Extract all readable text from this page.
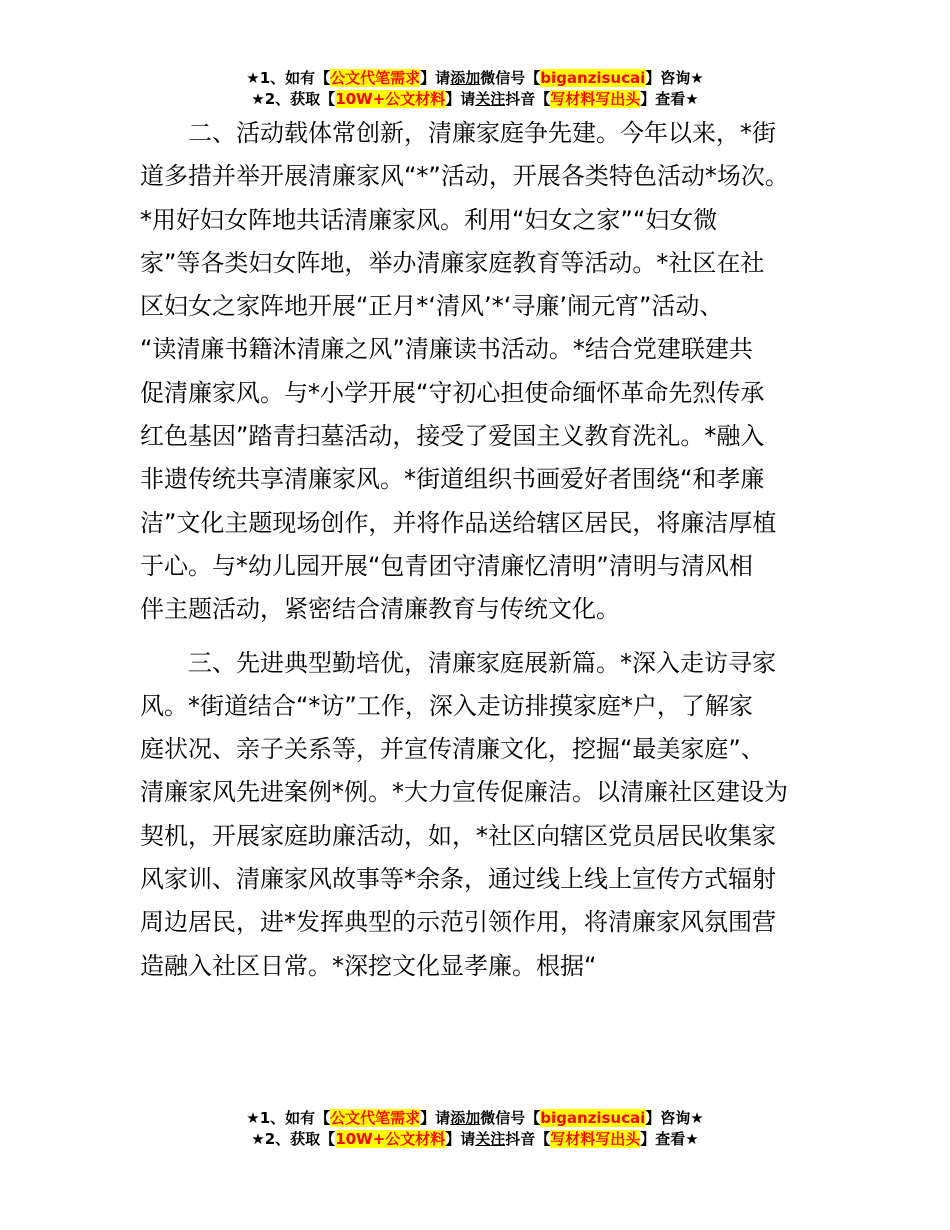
★1、如有【公文代笔需求】请添加微信号【biganzisucai】咨询★
★2、获取【10W+公文材料】请关注抖音【写材料写出头】查看★
　　二、活动载体常创新，清廉家庭争先建。今年以来，*街
道多措并举开展清廉家风“*”活动，开展各类特色活动*场次。
*用好妇女阵地共话清廉家风。利用“妇女之家”“妇女微
家”等各类妇女阵地，举办清廉家庭教育等活动。*社区在社
区妇女之家阵地开展“正月*‘清风’*‘寻廉’闹元宵”活动、
“读清廉书籍沐清廉之风”清廉读书活动。*结合党建联建共
促清廉家风。与*小学开展“守初心担使命缅怀革命先烈传承
红色基因”踏青扫墓活动，接受了爱国主义教育洗礼。*融入
非遗传统共享清廉家风。*街道组织书画爱好者围绕“和孝廉
洁”文化主题现场创作，并将作品送给辖区居民，将廉洁厚植
于心。与*幼儿园开展“包青团守清廉忆清明”清明与清风相
伴主题活动，紧密结合清廉教育与传统文化。
　　三、先进典型勤培优，清廉家庭展新篇。*深入走访寻家
风。*街道结合“*访”工作，深入走访排摸家庭*户，了解家
庭状况、亲子关系等，并宣传清廉文化，挖掘“最美家庭”、
清廉家风先进案例*例。*大力宣传促廉洁。以清廉社区建设为
契机，开展家庭助廉活动，如，*社区向辖区党员居民收集家
风家训、清廉家风故事等*余条，通过线上线上宣传方式辐射
周边居民，进*发挥典型的示范引领作用，将清廉家风氛围营
造融入社区日常。*深挖文化显孝廉。根据“
★1、如有【公文代笔需求】请添加微信号【biganzisucai】咨询★
★2、获取【10W+公文材料】请关注抖音【写材料写出头】查看★
